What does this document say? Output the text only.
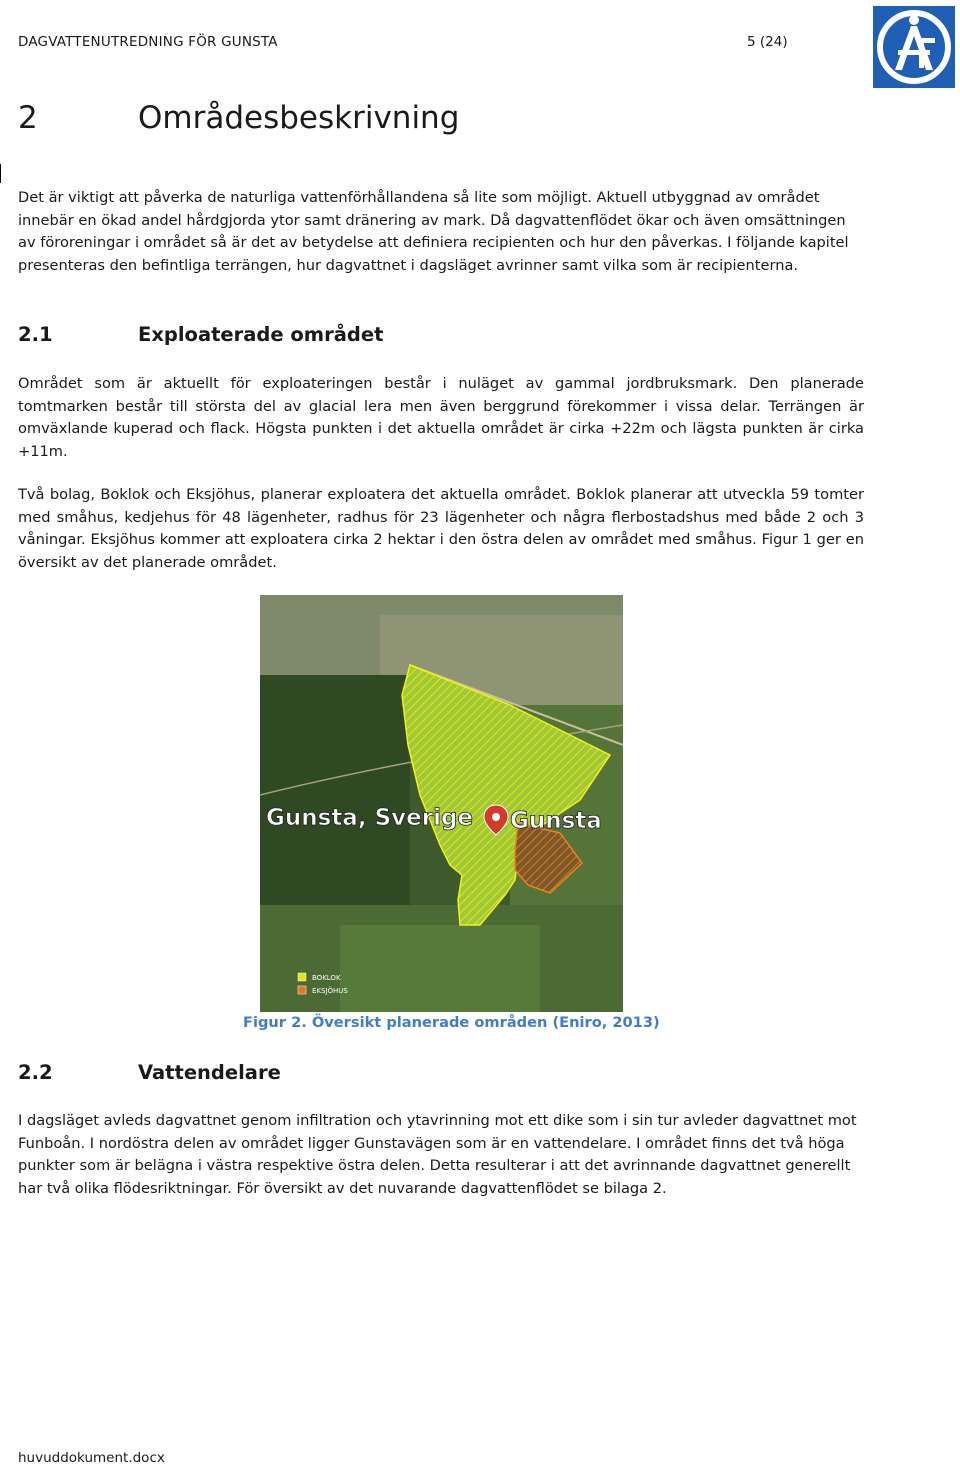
DAGVATTENUTREDNING FÖR GUNSTA	5 (24)
2	Områdesbeskrivning

Det är viktigt att påverka de naturliga vattenförhållandena så lite som möjligt. Aktuell utbyggnad av området innebär en ökad andel hårdgjorda ytor samt dränering av mark. Då dagvattenflödet ökar och även omsättningen av föroreningar i området så är det av betydelse att definiera recipienten och hur den påverkas. I följande kapitel presenteras den befintliga terrängen, hur dagvattnet i dagsläget avrinner samt vilka som är recipienterna.

2.1	Exploaterade området

Området som är aktuellt för exploateringen består i nuläget av gammal jordbruksmark. Den planerade tomtmarken består till största del av glacial lera men även berggrund förekommer i vissa delar. Terrängen är omväxlande kuperad och flack. Högsta punkten i det aktuella området är cirka +22m och lägsta punkten är cirka +11m.

Två bolag, Boklok och Eksjöhus, planerar exploatera det aktuella området. Boklok planerar att utveckla 59 tomter med småhus, kedjehus för 48 lägenheter, radhus för 23 lägenheter och några flerbostadshus med både 2 och 3 våningar. Eksjöhus kommer att exploatera cirka 2 hektar i den östra delen av området med småhus. Figur 1 ger en översikt av det planerade området.

Gunsta, Sverige Gunsta
BOKLOK
EKSJÖHUS
Figur 2. Översikt planerade områden (Eniro, 2013)
2.2	Vattendelare

I dagsläget avleds dagvattnet genom infiltration och ytavrinning mot ett dike som i sin tur avleder dagvattnet mot Funboån. I nordöstra delen av området ligger Gunstavägen som är en vattendelare. I området finns det två höga punkter som är belägna i västra respektive östra delen. Detta resulterar i att det avrinnande dagvattnet generellt har två olika flödesriktningar. För översikt av det nuvarande dagvattenflödet se bilaga 2.

huvuddokument.docx
